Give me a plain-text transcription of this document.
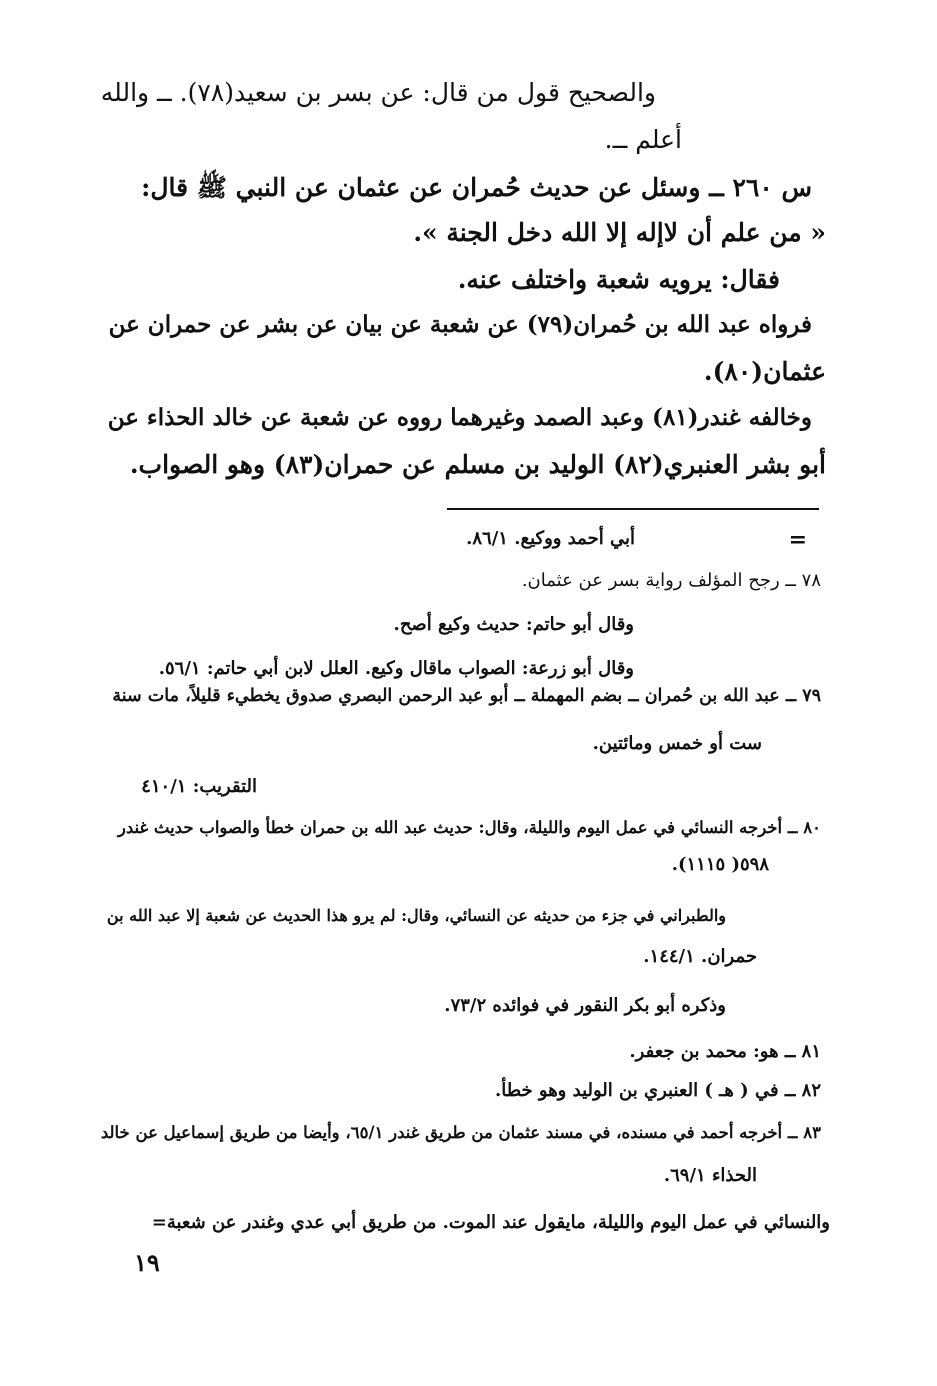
والصحيح قول من قال: عن بسر بن سعيد(٧٨). ــ والله
أعلم ــ.
س ٢٦٠ ــ وسئل عن حديث حُمران عن عثمان عن النبي ﷺ قال:
« من علم أن لاإله إلا الله دخل الجنة ».
فقال: يرويه شعبة واختلف عنه.
فرواه عبد الله بن حُمران(٧٩) عن شعبة عن بيان عن بشر عن حمران عن
عثمان(٨٠).
وخالفه غندر(٨١) وعبد الصمد وغيرهما رووه عن شعبة عن خالد الحذاء عن
أبو بشر العنبري(٨٢) الوليد بن مسلم عن حمران(٨٣) وهو الصواب.
=
أبي أحمد ووكيع. ٨٦/١.
٧٨ ــ رجح المؤلف رواية بسر عن عثمان.
وقال أبو حاتم: حديث وكيع أصح.
وقال أبو زرعة: الصواب ماقال وكيع. العلل لابن أبي حاتم: ٥٦/١.
٧٩ ــ عبد الله بن حُمران ــ بضم المهملة ــ أبو عبد الرحمن البصري صدوق يخطيء قليلاً، مات سنة
ست أو خمس ومائتين.
التقريب: ٤١٠/١
٨٠ ــ أخرجه النسائي في عمل اليوم والليلة، وقال: حديث عبد الله بن حمران خطأ والصواب حديث غندر
٥٩٨( ١١١٥).
والطبراني في جزء من حديثه عن النسائي، وقال: لم يرو هذا الحديث عن شعبة إلا عبد الله بن
حمران. ١٤٤/١.
وذكره أبو بكر النقور في فوائده ٧٣/٢.
٨١ ــ هو: محمد بن جعفر.
٨٢ ــ في ( هـ ) العنبري بن الوليد وهو خطأ.
٨٣ ــ أخرجه أحمد في مسنده، في مسند عثمان من طريق غندر ٦٥/١، وأيضا من طريق إسماعيل عن خالد
الحذاء ٦٩/١.
والنسائي في عمل اليوم والليلة، مايقول عند الموت. من طريق أبي عدي وغندر عن شعبة=
١٩
